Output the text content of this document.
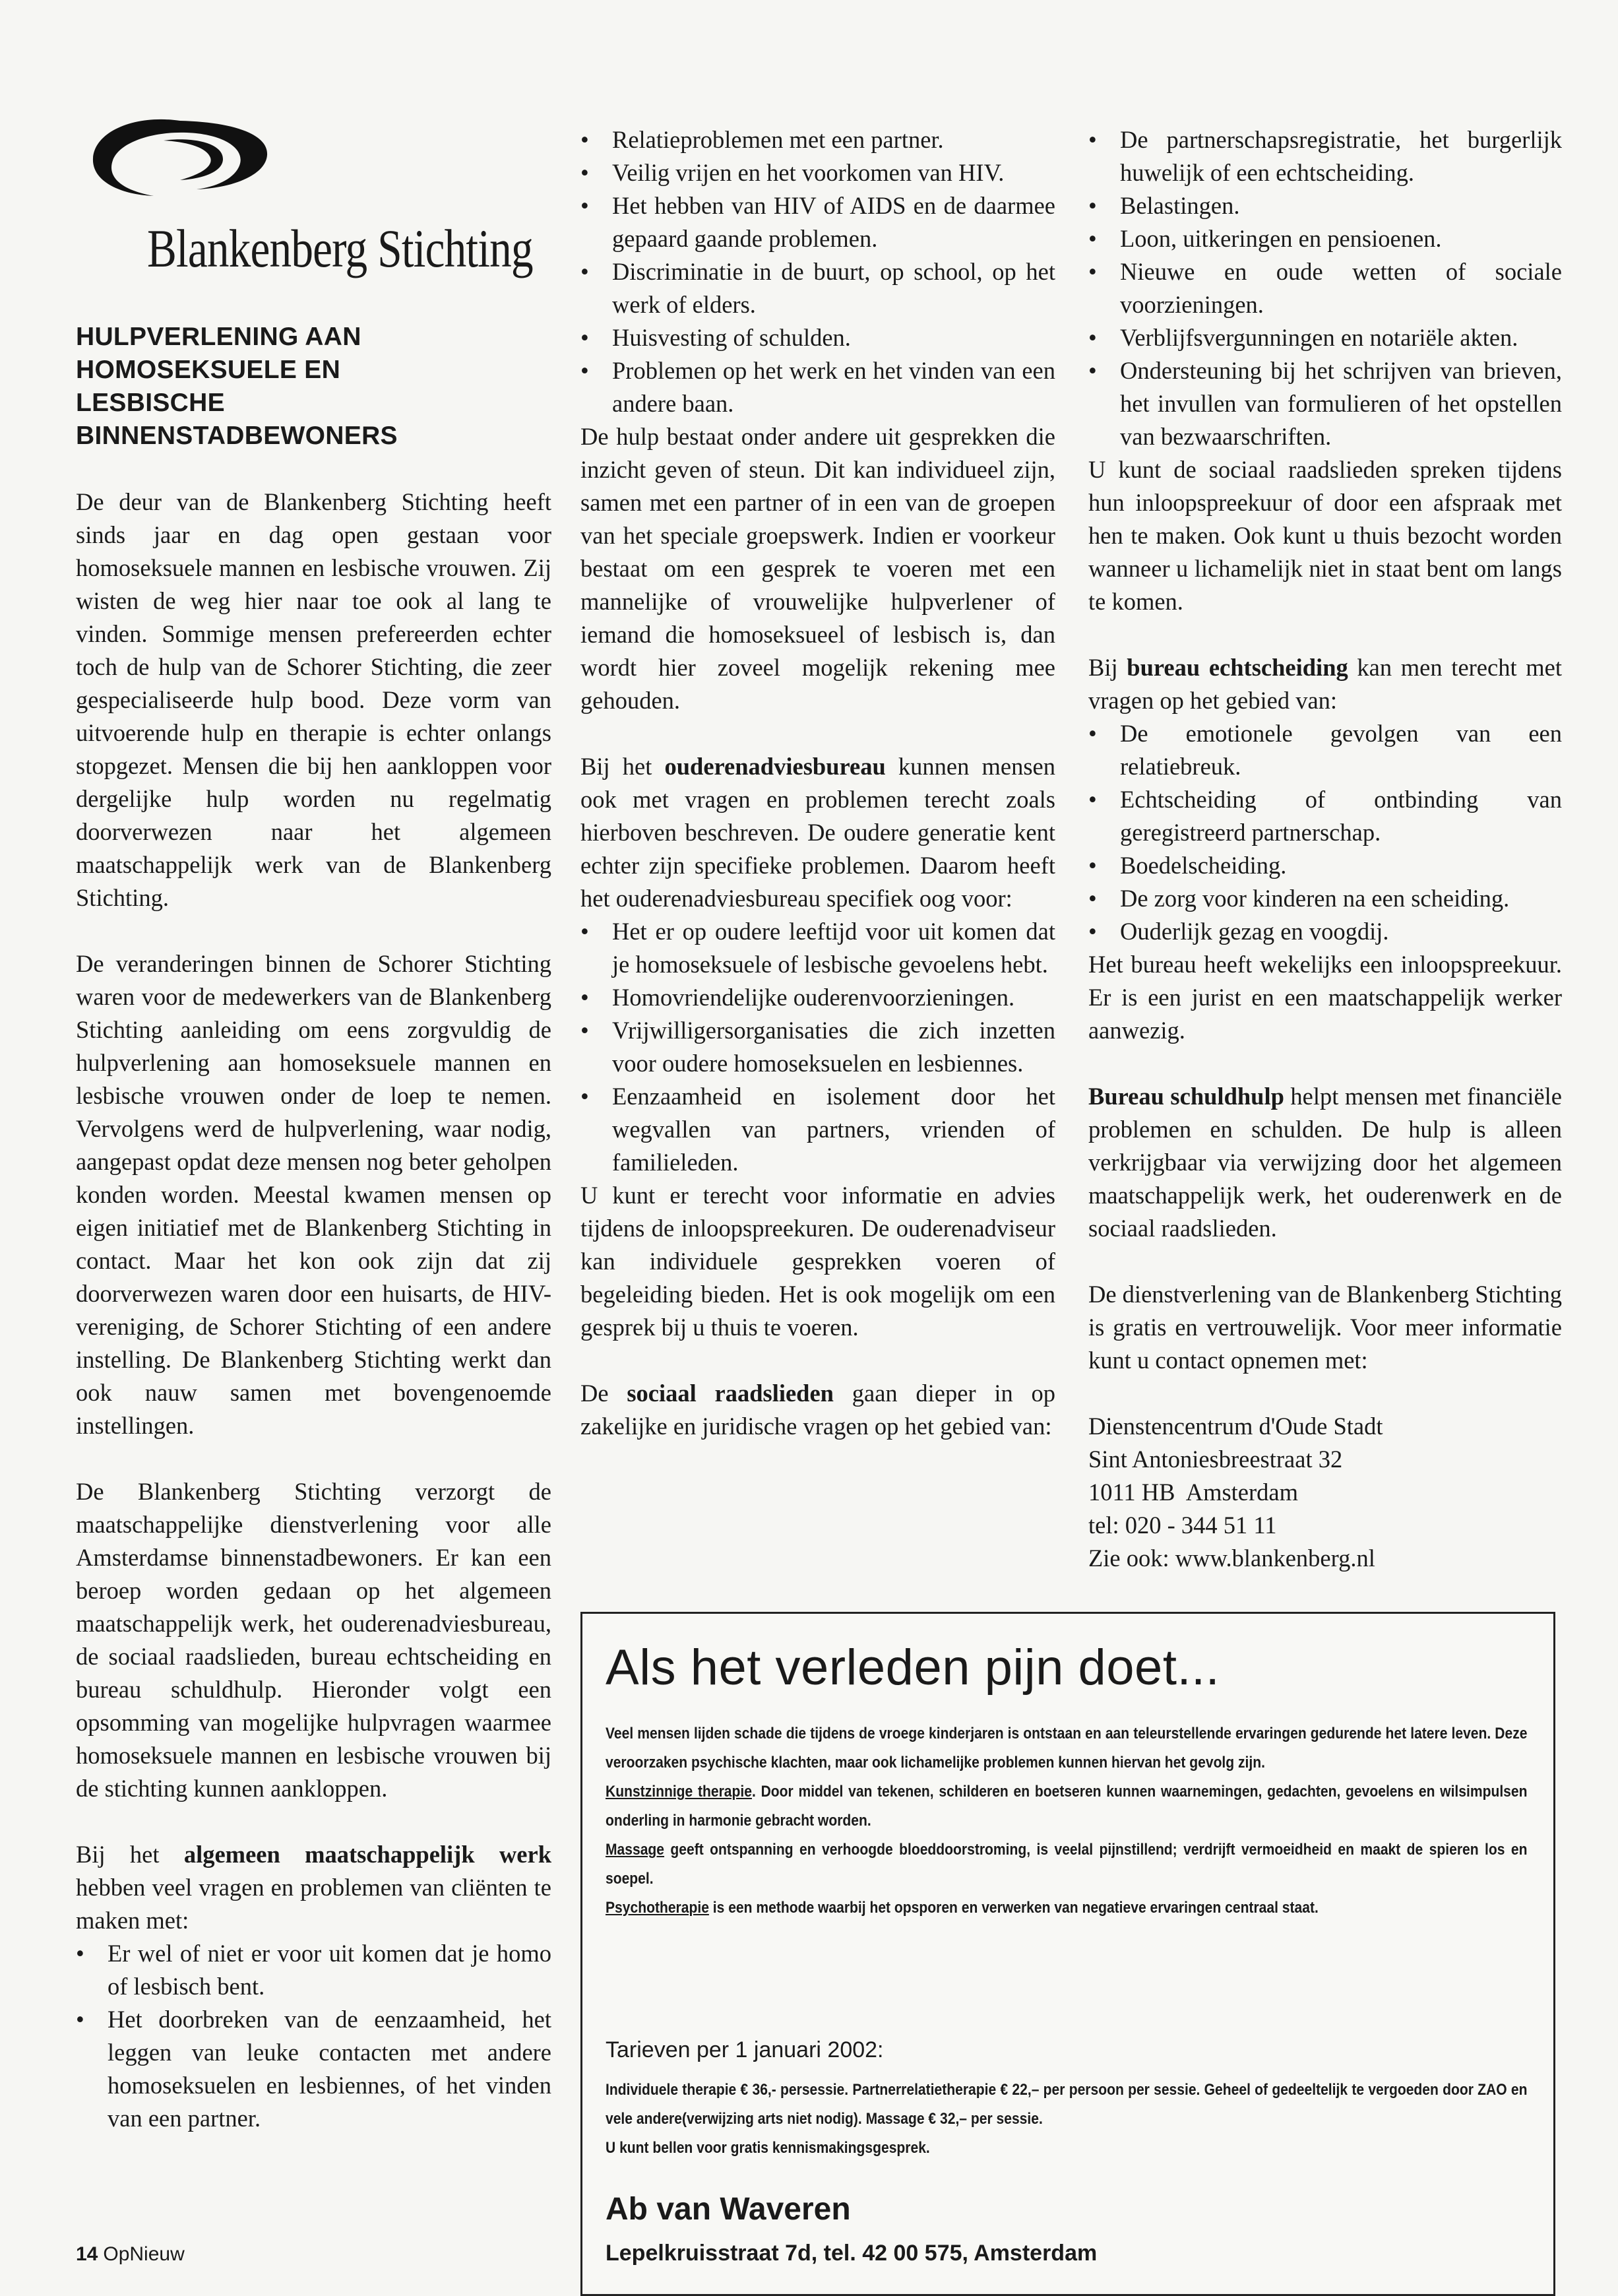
Blankenberg Stichting

HULPVERLENING AAN

HOMOSEKSUELE EN

LESBISCHE

BINNENSTADBEWONERS

De deur van de Blankenberg Stichting heeft sinds jaar en dag open gestaan voor homoseksuele mannen en lesbische vrouwen. Zij wisten de weg hier naar toe ook al lang te vinden. Sommige mensen prefereerden echter toch de hulp van de Schorer Stichting, die zeer gespecialiseerde hulp bood. Deze vorm van uitvoerende hulp en therapie is echter onlangs stopgezet. Mensen die bij hen aankloppen voor dergelijke hulp worden nu regelmatig doorverwezen naar het algemeen maatschappelijk werk van de Blankenberg Stichting.

De veranderingen binnen de Schorer Stichting waren voor de medewerkers van de Blankenberg Stichting aanleiding om eens zorgvuldig de hulpverlening aan homoseksuele mannen en lesbische vrouwen onder de loep te nemen. Vervolgens werd de hulpverlening, waar nodig, aangepast opdat deze mensen nog beter geholpen konden worden. Meestal kwamen mensen op eigen initiatief met de Blankenberg Stichting in contact. Maar het kon ook zijn dat zij doorverwezen waren door een huisarts, de HIV-vereniging, de Schorer Stichting of een andere instelling. De Blankenberg Stichting werkt dan ook nauw samen met bovengenoemde instellingen.

De Blankenberg Stichting verzorgt de maatschappelijke dienstverlening voor alle Amsterdamse binnenstadbewoners. Er kan een beroep worden gedaan op het algemeen maatschappelijk werk, het ouderenadviesbureau, de sociaal raadslieden, bureau echtscheiding en bureau schuldhulp. Hieronder volgt een opsomming van mogelijke hulpvragen waarmee homoseksuele mannen en lesbische vrouwen bij de stichting kunnen aankloppen.

Bij het algemeen maatschappelijk werk hebben veel vragen en problemen van cliënten te maken met:

• Er wel of niet er voor uit komen dat je homo of lesbisch bent.
• Het doorbreken van de eenzaamheid, het leggen van leuke contacten met andere homoseksuelen en lesbiennes, of het vinden van een partner.
• Relatieproblemen met een partner.
• Veilig vrijen en het voorkomen van HIV.
• Het hebben van HIV of AIDS en de daarmee gepaard gaande problemen.
• Discriminatie in de buurt, op school, op het werk of elders.
• Huisvesting of schulden.
• Problemen op het werk en het vinden van een andere baan.

De hulp bestaat onder andere uit gesprekken die inzicht geven of steun. Dit kan individueel zijn, samen met een partner of in een van de groepen van het speciale groepswerk. Indien er voorkeur bestaat om een gesprek te voeren met een mannelijke of vrouwelijke hulpverlener of iemand die homoseksueel of lesbisch is, dan wordt hier zoveel mogelijk rekening mee gehouden.

Bij het ouderenadviesbureau kunnen mensen ook met vragen en problemen terecht zoals hierboven beschreven. De oudere generatie kent echter zijn specifieke problemen. Daarom heeft het ouderenadviesbureau specifiek oog voor:

• Het er op oudere leeftijd voor uit komen dat je homoseksuele of lesbische gevoelens hebt.
• Homovriendelijke ouderenvoorzieningen.
• Vrijwilligersorganisaties die zich inzetten voor oudere homoseksuelen en lesbiennes.
• Eenzaamheid en isolement door het wegvallen van partners, vrienden of familieleden.

U kunt er terecht voor informatie en advies tijdens de inloopspreekuren. De ouderenadviseur kan individuele gesprekken voeren of begeleiding bieden. Het is ook mogelijk om een gesprek bij u thuis te voeren.

De sociaal raadslieden gaan dieper in op zakelijke en juridische vragen op het gebied van:

• De partnerschapsregistratie, het burgerlijk huwelijk of een echtscheiding.
• Belastingen.
• Loon, uitkeringen en pensioenen.
• Nieuwe en oude wetten of sociale voorzieningen.
• Verblijfsvergunningen en notariële akten.
• Ondersteuning bij het schrijven van brieven, het invullen van formulieren of het opstellen van bezwaarschriften.

U kunt de sociaal raadslieden spreken tijdens hun inloopspreekuur of door een afspraak met hen te maken. Ook kunt u thuis bezocht worden wanneer u lichamelijk niet in staat bent om langs te komen.

Bij bureau echtscheiding kan men terecht met vragen op het gebied van:

• De emotionele gevolgen van een relatiebreuk.
• Echtscheiding of ontbinding van geregistreerd partnerschap.
• Boedelscheiding.
• De zorg voor kinderen na een scheiding.
• Ouderlijk gezag en voogdij.

Het bureau heeft wekelijks een inloopspreekuur. Er is een jurist en een maatschappelijk werker aanwezig.

Bureau schuldhulp helpt mensen met financiële problemen en schulden. De hulp is alleen verkrijgbaar via verwijzing door het algemeen maatschappelijk werk, het ouderenwerk en de sociaal raadslieden.

De dienstverlening van de Blankenberg Stichting is gratis en vertrouwelijk. Voor meer informatie kunt u contact opnemen met:

Dienstencentrum d'Oude Stadt

Sint Antoniesbreestraat 32

1011 HB  Amsterdam

tel: 020 - 344 51 11

Zie ook: www.blankenberg.nl

Als het verleden pijn doet...
Veel mensen lijden schade die tijdens de vroege kinderjaren is ontstaan en aan teleurstellende ervaringen gedurende het latere leven. Deze veroorzaken psychische klachten, maar ook lichamelijke problemen kunnen hiervan het gevolg zijn.
Kunstzinnige therapie. Door middel van tekenen, schilderen en boetseren kunnen waarnemingen, gedachten, gevoelens en wilsimpulsen onderling in harmonie gebracht worden.
Massage geeft ontspanning en verhoogde bloeddoorstroming, is veelal pijnstillend; verdrijft vermoeidheid en maakt de spieren los en soepel.
Psychotherapie is een methode waarbij het opsporen en verwerken van negatieve ervaringen centraal staat.

Tarieven per 1 januari 2002:

Individuele therapie € 36,- persessie. Partnerrelatietherapie € 22,– per persoon per sessie. Geheel of gedeeltelijk te vergoeden door ZAO en vele andere(verwijzing arts niet nodig). Massage € 32,– per sessie.
U kunt bellen voor gratis kennismakingsgesprek.

Ab van Waveren

Lepelkruisstraat 7d, tel. 42 00 575, Amsterdam

14 OpNieuw
